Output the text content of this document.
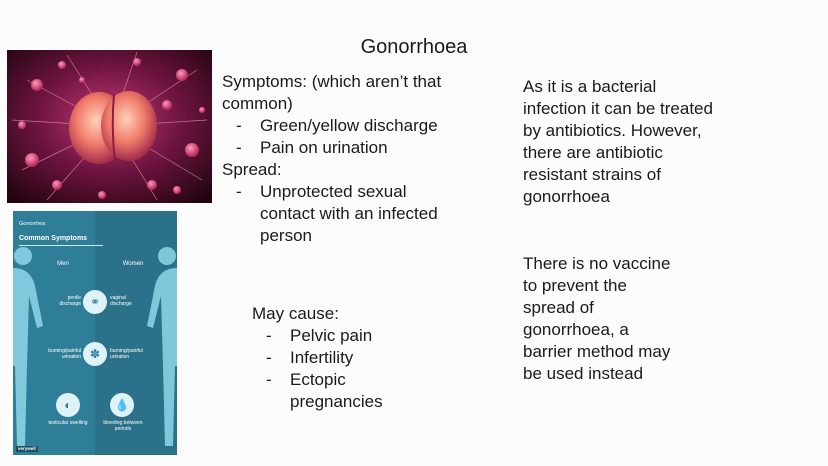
Gonorrhoea
Symptoms: (which aren’t that
common)
- Green/yellow discharge
- Pain on urination
Spread:
- Unprotected sexual
contact with an infected
person
May cause:
- Pelvic pain
- Infertility
- Ectopic
pregnancies
As it is a bacterial
infection it can be treated
by antibiotics. However,
there are antibiotic
resistant strains of
gonorrhoea
There is no vaccine
to prevent the
spread of
gonorrhoea, a
barrier method may
be used instead
Gonorrhea
Common Symptoms
Men	Women
⚭
penile discharge
vaginal discharge
✽
burning/painful urination
burning/painful urination
◐	💧
testicular swelling	bleeding between periods
verywell
